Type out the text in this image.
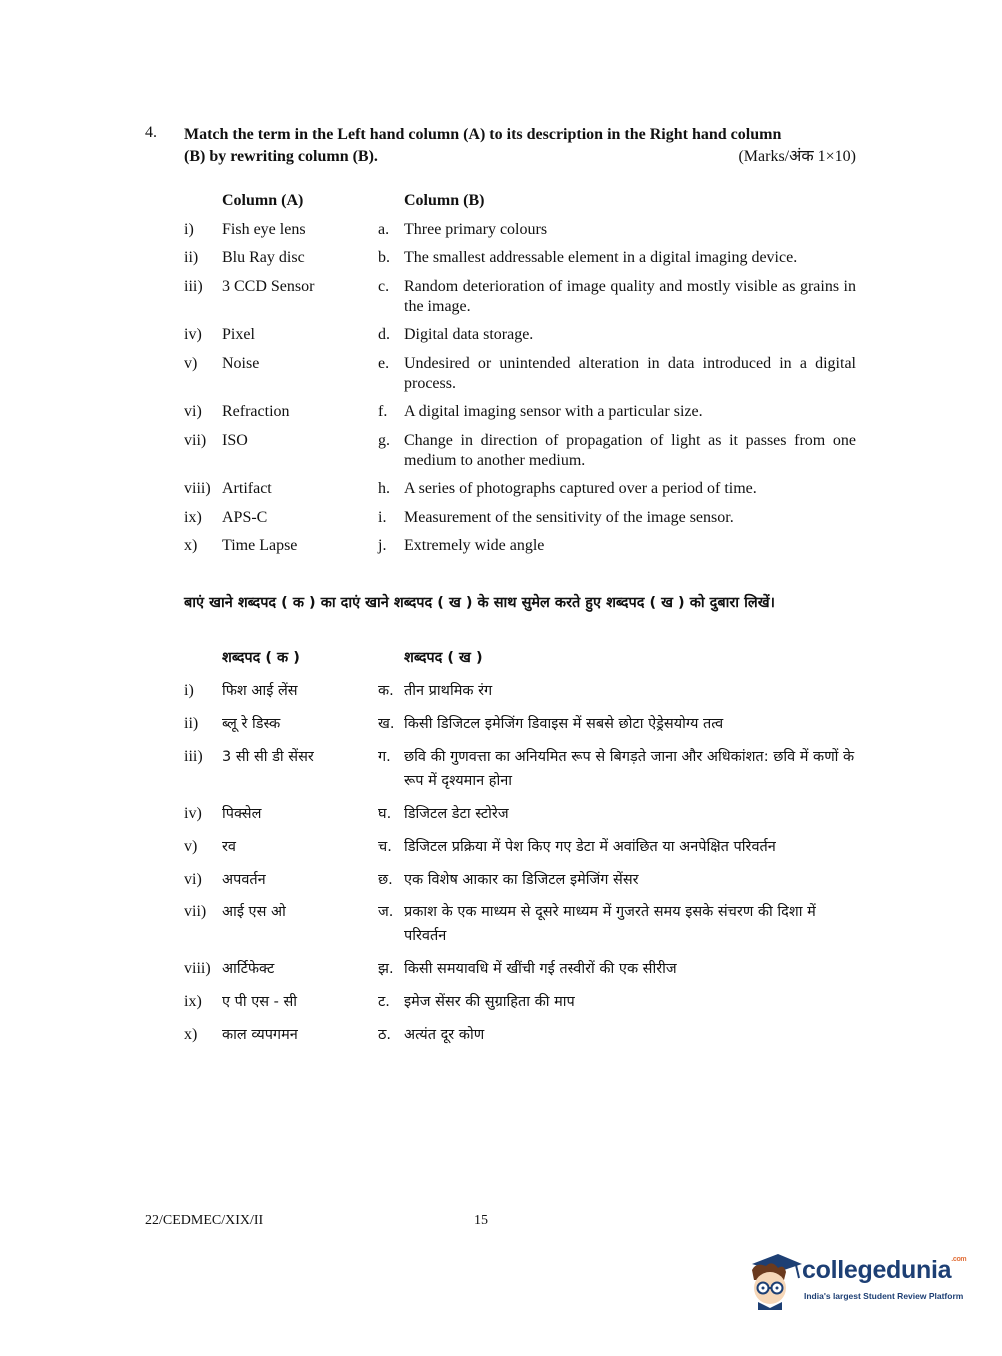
4. Match the term in the Left hand column (A) to its description in the Right hand column
(B) by rewriting column (B).	(Marks/अंक 1×10)
Column (A)	Column (B)
i) Fish eye lens	a. Three primary colours
ii) Blu Ray disc	b. The smallest addressable element in a digital imaging device.
iii) 3 CCD Sensor	c. Random deterioration of image quality and mostly visible as grains in the image.
iv) Pixel	d. Digital data storage.
v) Noise	e. Undesired or unintended alteration in data introduced in a digital process.
vi) Refraction	f. A digital imaging sensor with a particular size.
vii) ISO	g. Change in direction of propagation of light as it passes from one medium to another medium.
viii) Artifact	h. A series of photographs captured over a period of time.
ix) APS-C	i. Measurement of the sensitivity of the image sensor.
x) Time Lapse	j. Extremely wide angle
बाएं खाने शब्दपद ( क ) का दाएं खाने शब्दपद ( ख ) के साथ सुमेल करते हुए शब्दपद ( ख ) को दुबारा लिखें।
शब्दपद ( क )	शब्दपद ( ख )
i) फिश आई लेंस	क. तीन प्राथमिक रंग
ii) ब्लू रे डिस्क	ख. किसी डिजिटल इमेजिंग डिवाइस में सबसे छोटा ऐड्रेसयोग्य तत्व
iii) 3 सी सी डी सेंसर	ग. छवि की गुणवत्ता का अनियमित रूप से बिगड़ते जाना और अधिकांशत: छवि में कणों के रूप में दृश्यमान होना
iv) पिक्सेल	घ. डिजिटल डेटा स्टोरेज
v) रव	च. डिजिटल प्रक्रिया में पेश किए गए डेटा में अवांछित या अनपेक्षित परिवर्तन
vi) अपवर्तन	छ. एक विशेष आकार का डिजिटल इमेजिंग सेंसर
vii) आई एस ओ	ज. प्रकाश के एक माध्यम से दूसरे माध्यम में गुजरते समय इसके संचरण की दिशा में परिवर्तन
viii) आर्टिफेक्ट	झ. किसी समयावधि में खींची गई तस्वीरों की एक सीरीज
ix) ए पी एस - सी	ट. इमेज सेंसर की सुग्राहिता की माप
x) काल व्यपगमन	ठ. अत्यंत दूर कोण
22/CEDMEC/XIX/II	15
collegedunia$^{.com}$
India's largest Student Review Platform
